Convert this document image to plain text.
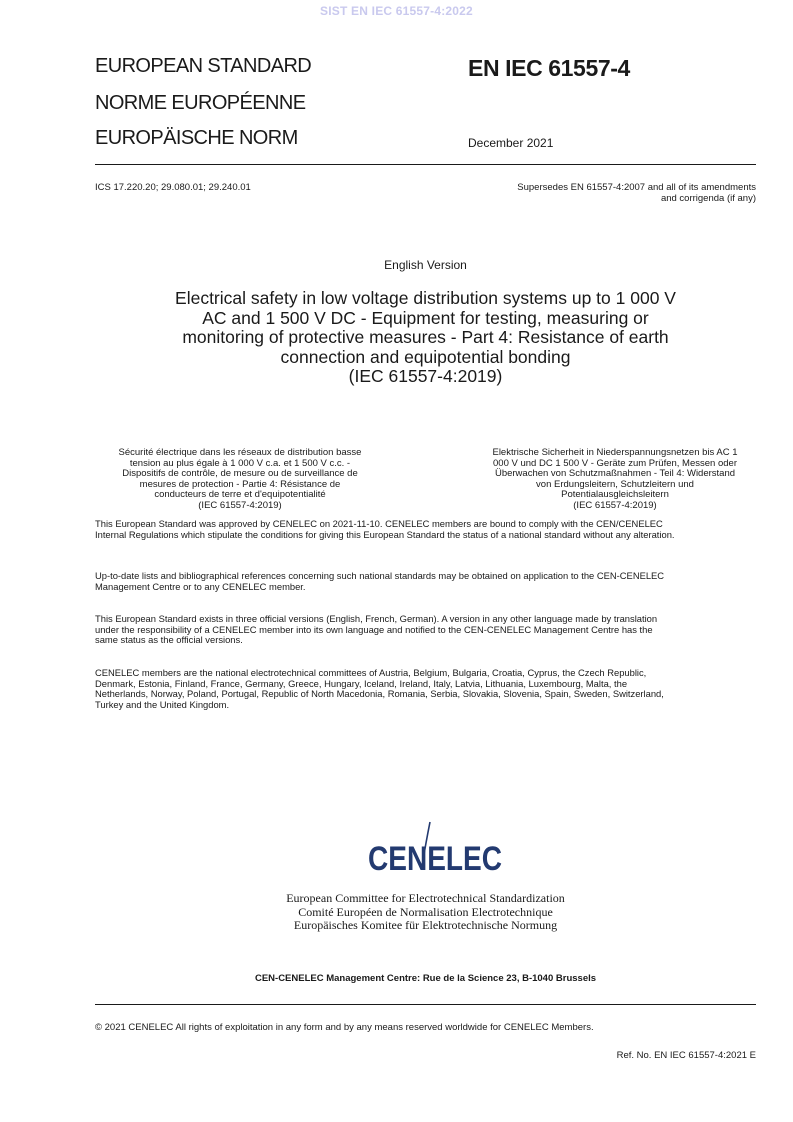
SIST EN IEC 61557-4:2022
EUROPEAN STANDARD
NORME EUROPÉENNE
EUROPÄISCHE NORM
EN IEC 61557-4
December 2021
ICS 17.220.20; 29.080.01; 29.240.01	Supersedes EN 61557-4:2007 and all of its amendments
and corrigenda (if any)
English Version
Electrical safety in low voltage distribution systems up to 1 000 V
AC and 1 500 V DC - Equipment for testing, measuring or
monitoring of protective measures - Part 4: Resistance of earth
connection and equipotential bonding
(IEC 61557-4:2019)
Sécurité électrique dans les réseaux de distribution basse
tension au plus égale à 1 000 V c.a. et 1 500 V c.c. -
Dispositifs de contrôle, de mesure ou de surveillance de
mesures de protection - Partie 4: Résistance de
conducteurs de terre et d'equipotentialité
(IEC 61557-4:2019)
Elektrische Sicherheit in Niederspannungsnetzen bis AC 1
000 V und DC 1 500 V - Geräte zum Prüfen, Messen oder
Überwachen von Schutzmaßnahmen - Teil 4: Widerstand
von Erdungsleitern, Schutzleitern und
Potentialausgleichsleitern
(IEC 61557-4:2019)
This European Standard was approved by CENELEC on 2021-11-10. CENELEC members are bound to comply with the CEN/CENELEC
Internal Regulations which stipulate the conditions for giving this European Standard the status of a national standard without any alteration.
Up-to-date lists and bibliographical references concerning such national standards may be obtained on application to the CEN-CENELEC
Management Centre or to any CENELEC member.
This European Standard exists in three official versions (English, French, German). A version in any other language made by translation
under the responsibility of a CENELEC member into its own language and notified to the CEN-CENELEC Management Centre has the
same status as the official versions.
CENELEC members are the national electrotechnical committees of Austria, Belgium, Bulgaria, Croatia, Cyprus, the Czech Republic,
Denmark, Estonia, Finland, France, Germany, Greece, Hungary, Iceland, Ireland, Italy, Latvia, Lithuania, Luxembourg, Malta, the
Netherlands, Norway, Poland, Portugal, Republic of North Macedonia, Romania, Serbia, Slovakia, Slovenia, Spain, Sweden, Switzerland,
Turkey and the United Kingdom.
CENELEC
European Committee for Electrotechnical Standardization
Comité Européen de Normalisation Electrotechnique
Europäisches Komitee für Elektrotechnische Normung
CEN-CENELEC Management Centre: Rue de la Science 23, B-1040 Brussels
© 2021 CENELEC All rights of exploitation in any form and by any means reserved worldwide for CENELEC Members.
Ref. No. EN IEC 61557-4:2021 E
